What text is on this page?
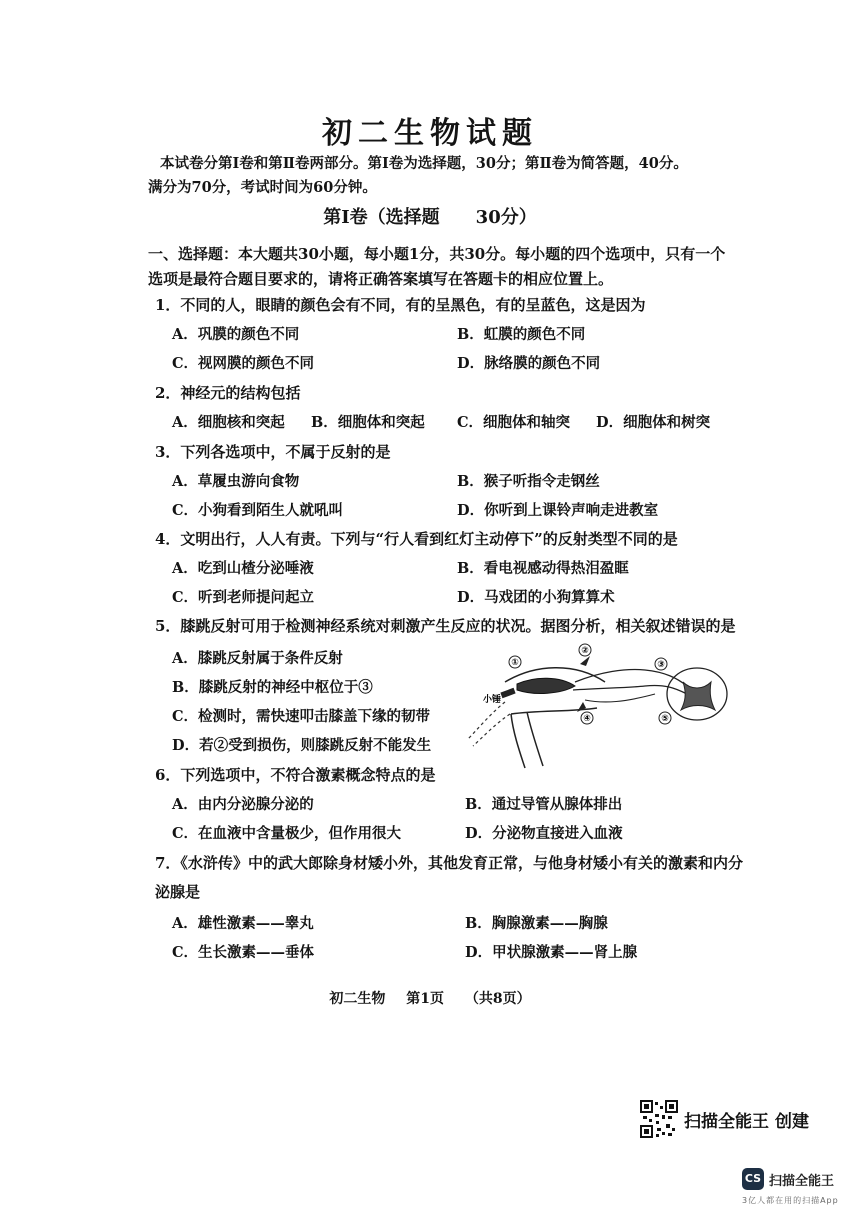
初二生物试题
本试卷分第Ⅰ卷和第Ⅱ卷两部分。第Ⅰ卷为选择题，30分；第Ⅱ卷为简答题，40分。
满分为70分，考试时间为60分钟。
第Ⅰ卷（选择题　　30分）
一、选择题：本大题共30小题，每小题1分，共30分。每小题的四个选项中，只有一个
选项是最符合题目要求的，请将正确答案填写在答题卡的相应位置上。
1．不同的人，眼睛的颜色会有不同，有的呈黑色，有的呈蓝色，这是因为
A．巩膜的颜色不同	B．虹膜的颜色不同
C．视网膜的颜色不同	D．脉络膜的颜色不同
2．神经元的结构包括
A．细胞核和突起 B．细胞体和突起 C．细胞体和轴突 D．细胞体和树突
3．下列各选项中，不属于反射的是
A．草履虫游向食物	B．猴子听指令走钢丝
C．小狗看到陌生人就吼叫	D．你听到上课铃声响走进教室
4．文明出行，人人有责。下列与“行人看到红灯主动停下”的反射类型不同的是
A．吃到山楂分泌唾液	B．看电视感动得热泪盈眶
C．听到老师提问起立	D．马戏团的小狗算算术
5．膝跳反射可用于检测神经系统对刺激产生反应的状况。据图分析，相关叙述错误的是
A．膝跳反射属于条件反射
B．膝跳反射的神经中枢位于③
C．检测时，需快速叩击膝盖下缘的韧带
D．若②受到损伤，则膝跳反射不能发生
小锤
①
②
③
④	⑤
6．下列选项中，不符合激素概念特点的是
A．由内分泌腺分泌的	B．通过导管从腺体排出
C．在血液中含量极少，但作用很大	D．分泌物直接进入血液
7．《水浒传》中的武大郎除身材矮小外，其他发育正常，与他身材矮小有关的激素和内分
泌腺是
A．雄性激素——睾丸	B．胸腺激素——胸腺
C．生长激素——垂体	D．甲状腺激素——肾上腺
初二生物 第1页 （共8页）
扫描全能王 创建
CS 扫描全能王
3亿人都在用的扫描App
